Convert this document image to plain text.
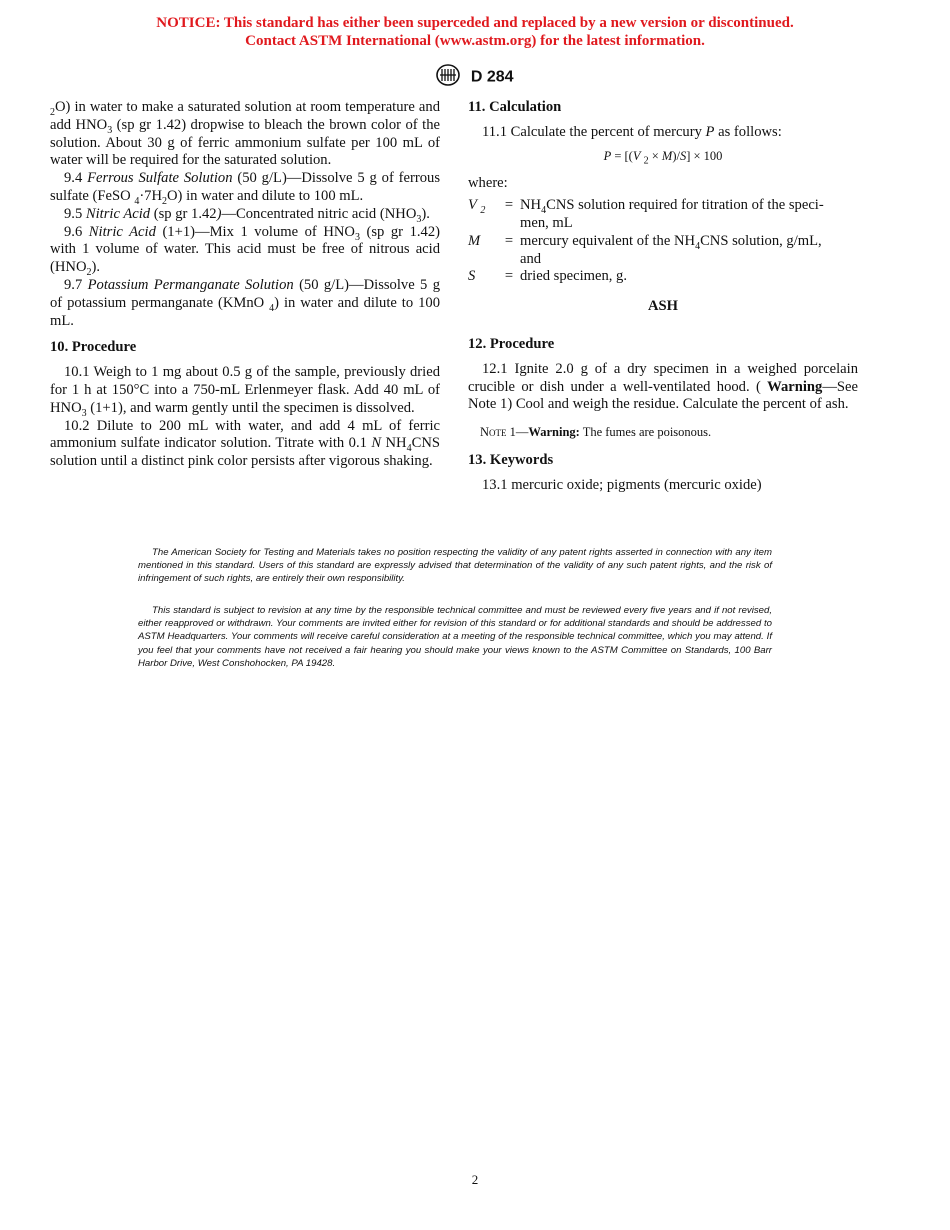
NOTICE: This standard has either been superceded and replaced by a new version or discontinued.
Contact ASTM International (www.astm.org) for the latest information.
D 284

$_2$O) in water to make a saturated solution at room temperature and add $HNO_3$ (sp gr 1.42) dropwise to bleach the brown color of the solution. About 30 g of ferric ammonium sulfate per 100 mL of water will be required for the saturated solution.

9.4 Ferrous Sulfate Solution (50 g/L)—Dissolve 5 g of ferrous sulfate (FeSO $_4\cdot 7H_2O$) in water and dilute to 100 mL.

9.5 Nitric Acid (sp gr 1.42)—Concentrated nitric acid $(NHO_3)$.

9.6 Nitric Acid (1+1)—Mix 1 volume of $HNO_3$ (sp gr 1.42) with 1 volume of water. This acid must be free of nitrous acid $(HNO_2)$.

9.7 Potassium Permanganate Solution (50 g/L)—Dissolve 5 g of potassium permanganate (KMnO $_4$) in water and dilute to 100 mL.

10. Procedure

10.1 Weigh to 1 mg about 0.5 g of the sample, previously dried for 1 h at 150°C into a 750-mL Erlenmeyer flask. Add 40 mL of $HNO_3$ (1+1), and warm gently until the specimen is dissolved.

10.2 Dilute to 200 mL with water, and add 4 mL of ferric ammonium sulfate indicator solution. Titrate with 0.1 N $NH_4CNS$ solution until a distinct pink color persists after vigorous shaking.

11. Calculation

11.1 Calculate the percent of mercury P as follows:

P = [(V $_2$ × M)/S] × 100

where:

V $_2$	= $NH_4CNS$ solution required for titration of the speci-
men, mL
M	= mercury equivalent of the $NH_4CNS$ solution, g/mL,
and
S	= dried specimen, g.
ASH
12. Procedure

12.1 Ignite 2.0 g of a dry specimen in a weighed porcelain crucible or dish under a well-ventilated hood. ( Warning—See Note 1) Cool and weigh the residue. Calculate the percent of ash.

Note 1—Warning: The fumes are poisonous.

13. Keywords

13.1 mercuric oxide; pigments (mercuric oxide)

The American Society for Testing and Materials takes no position respecting the validity of any patent rights asserted in connection with any item mentioned in this standard. Users of this standard are expressly advised that determination of the validity of any such patent rights, and the risk of infringement of such rights, are entirely their own responsibility.

This standard is subject to revision at any time by the responsible technical committee and must be reviewed every five years and if not revised, either reapproved or withdrawn. Your comments are invited either for revision of this standard or for additional standards and should be addressed to ASTM Headquarters. Your comments will receive careful consideration at a meeting of the responsible technical committee, which you may attend. If you feel that your comments have not received a fair hearing you should make your views known to the ASTM Committee on Standards, 100 Barr Harbor Drive, West Conshohocken, PA 19428.

2
